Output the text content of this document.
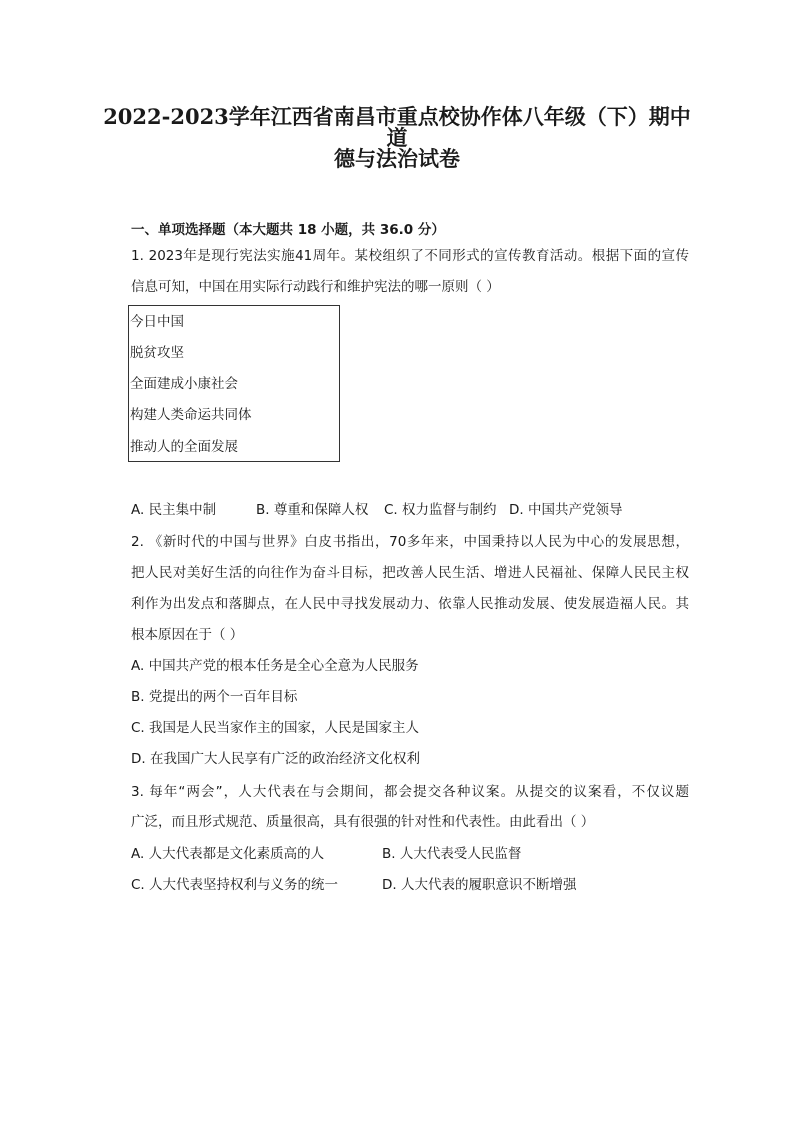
2022-2023学年江西省南昌市重点校协作体八年级（下）期中道
德与法治试卷
一、单项选择题（本大题共 18 小题，共 36.0 分）
1. 2023年是现行宪法实施41周年。某校组织了不同形式的宣传教育活动。根据下面的宣传
信息可知，中国在用实际行动践行和维护宪法的哪一原则（ ）
今日中国
脱贫攻坚
全面建成小康社会
构建人类命运共同体
推动人的全面发展
A. 民主集中制	B. 尊重和保障人权 C. 权力监督与制约 D. 中国共产党领导
2. 《新时代的中国与世界》白皮书指出，70多年来，中国秉持以人民为中心的发展思想，
把人民对美好生活的向往作为奋斗目标，把改善人民生活、增进人民福祉、保障人民民主权
利作为出发点和落脚点，在人民中寻找发展动力、依靠人民推动发展、使发展造福人民。其
根本原因在于（ ）
A. 中国共产党的根本任务是全心全意为人民服务
B. 党提出的两个一百年目标
C. 我国是人民当家作主的国家，人民是国家主人
D. 在我国广大人民享有广泛的政治经济文化权利
3. 每年“两会”，人大代表在与会期间，都会提交各种议案。从提交的议案看，不仅议题
广泛，而且形式规范、质量很高，具有很强的针对性和代表性。由此看出（ ）
A. 人大代表都是文化素质高的人	B. 人大代表受人民监督
C. 人大代表坚持权利与义务的统一	D. 人大代表的履职意识不断增强
